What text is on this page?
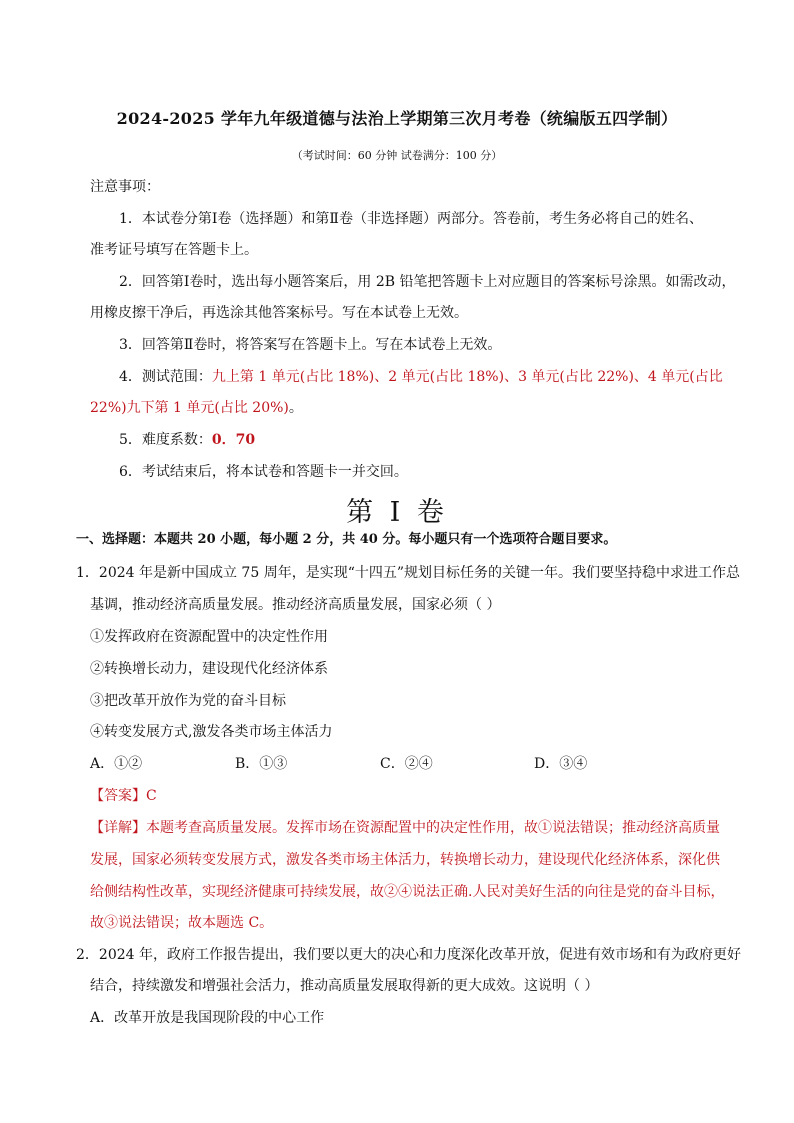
2024-2025 学年九年级道德与法治上学期第三次月考卷（统编版五四学制）
（考试时间：60 分钟 试卷满分：100 分）
注意事项：
1．本试卷分第Ⅰ卷（选择题）和第Ⅱ卷（非选择题）两部分。答卷前，考生务必将自己的姓名、
准考证号填写在答题卡上。
2．回答第Ⅰ卷时，选出每小题答案后，用 2B 铅笔把答题卡上对应题目的答案标号涂黑。如需改动，
用橡皮擦干净后，再选涂其他答案标号。写在本试卷上无效。
3．回答第Ⅱ卷时，将答案写在答题卡上。写在本试卷上无效。
4．测试范围：九上第 1 单元(占比 18%)、2 单元(占比 18%)、3 单元(占比 22%)、4 单元(占比
22%)九下第 1 单元(占比 20%)。
5．难度系数：0．70
6．考试结束后，将本试卷和答题卡一并交回。
第 I 卷
一、选择题：本题共 20 小题，每小题 2 分，共 40 分。每小题只有一个选项符合题目要求。
1．2024 年是新中国成立 75 周年，是实现“十四五”规划目标任务的关键一年。我们要坚持稳中求进工作总
基调，推动经济高质量发展。推动经济高质量发展，国家必须（ ）
①发挥政府在资源配置中的决定性作用
②转换增长动力，建设现代化经济体系
③把改革开放作为党的奋斗目标
④转变发展方式,激发各类市场主体活力
A．①②	B．①③	C．②④	D．③④
【答案】C
【详解】本题考查高质量发展。发挥市场在资源配置中的决定性作用，故①说法错误；推动经济高质量
发展，国家必须转变发展方式，激发各类市场主体活力，转换增长动力，建设现代化经济体系，深化供
给侧结构性改革，实现经济健康可持续发展，故②④说法正确.人民对美好生活的向往是党的奋斗目标，
故③说法错误；故本题选 C。
2．2024 年，政府工作报告提出，我们要以更大的决心和力度深化改革开放，促进有效市场和有为政府更好
结合，持续激发和增强社会活力，推动高质量发展取得新的更大成效。这说明（ ）
A．改革开放是我国现阶段的中心工作
